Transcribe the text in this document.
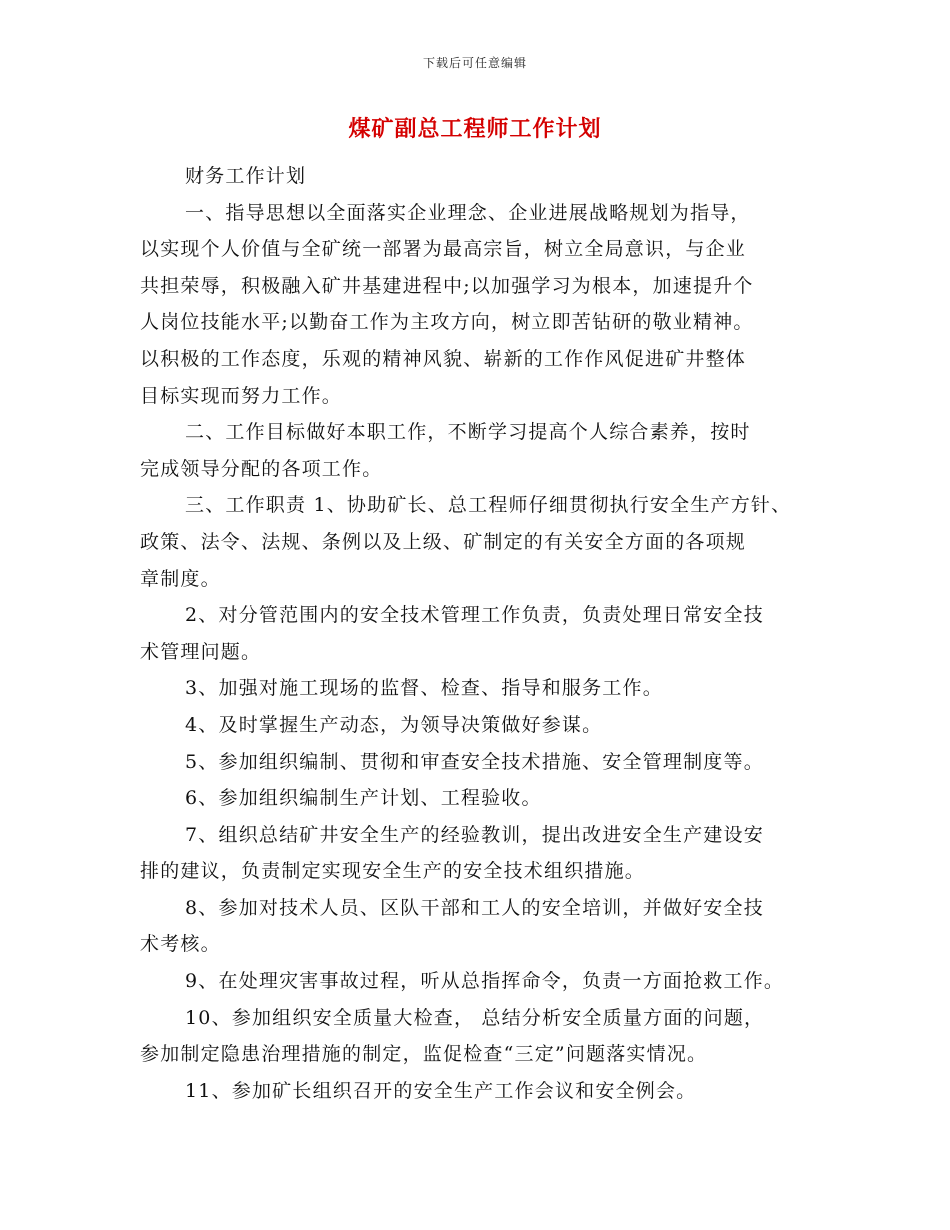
下载后可任意编辑
煤矿副总工程师工作计划

财务工作计划

一、指导思想以全面落实企业理念、企业进展战略规划为指导，
以实现个人价值与全矿统一部署为最高宗旨，树立全局意识，与企业
共担荣辱，积极融入矿井基建进程中;以加强学习为根本，加速提升个
人岗位技能水平;以勤奋工作为主攻方向，树立即苦钻研的敬业精神。
以积极的工作态度，乐观的精神风貌、崭新的工作作风促进矿井整体
目标实现而努力工作。

二、工作目标做好本职工作，不断学习提高个人综合素养，按时
完成领导分配的各项工作。

三、工作职责 1、协助矿长、总工程师仔细贯彻执行安全生产方针、
政策、法令、法规、条例以及上级、矿制定的有关安全方面的各项规
章制度。

2、对分管范围内的安全技术管理工作负责，负责处理日常安全技
术管理问题。

3、加强对施工现场的监督、检查、指导和服务工作。

4、及时掌握生产动态，为领导决策做好参谋。

5、参加组织编制、贯彻和审查安全技术措施、安全管理制度等。

6、参加组织编制生产计划、工程验收。

7、组织总结矿井安全生产的经验教训，提出改进安全生产建设安
排的建议，负责制定实现安全生产的安全技术组织措施。

8、参加对技术人员、区队干部和工人的安全培训，并做好安全技
术考核。

9、在处理灾害事故过程，听从总指挥命令，负责一方面抢救工作。

10、参加组织安全质量大检查， 总结分析安全质量方面的问题，
参加制定隐患治理措施的制定，监促检查“三定”问题落实情况。

11、参加矿长组织召开的安全生产工作会议和安全例会。
